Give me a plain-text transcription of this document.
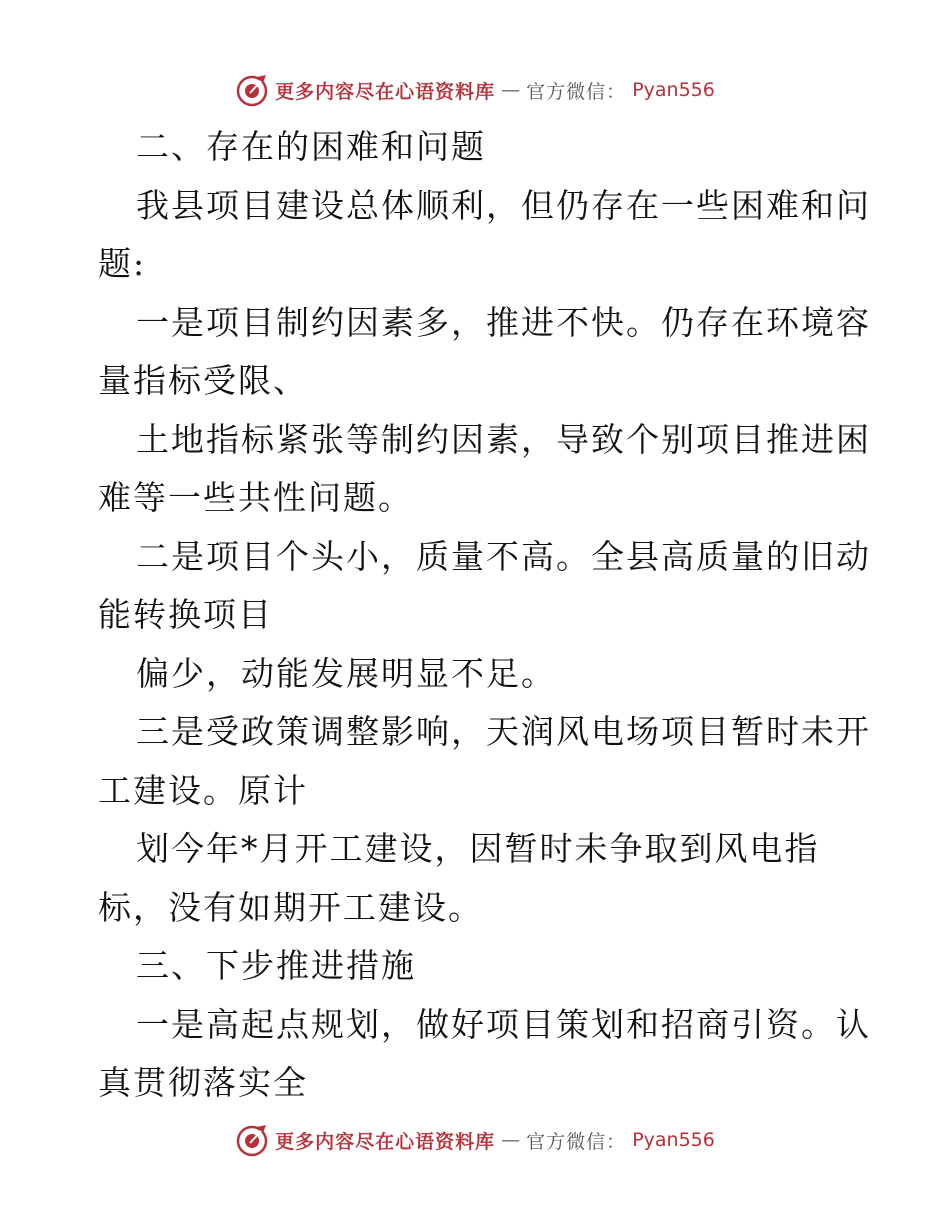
更多内容尽在心语资料库 — 官方微信： Pyan556
二、存在的困难和问题
我县项目建设总体顺利，但仍存在一些困难和问
题:
一是项目制约因素多，推进不快。仍存在环境容
量指标受限、
土地指标紧张等制约因素，导致个别项目推进困
难等一些共性问题。
二是项目个头小，质量不高。全县高质量的旧动
能转换项目
偏少，动能发展明显不足。
三是受政策调整影响，天润风电场项目暂时未开
工建设。原计
划今年*月开工建设，因暂时未争取到风电指
标，没有如期开工建设。
三、下步推进措施
一是高起点规划，做好项目策划和招商引资。认
真贯彻落实全
更多内容尽在心语资料库 — 官方微信： Pyan556
